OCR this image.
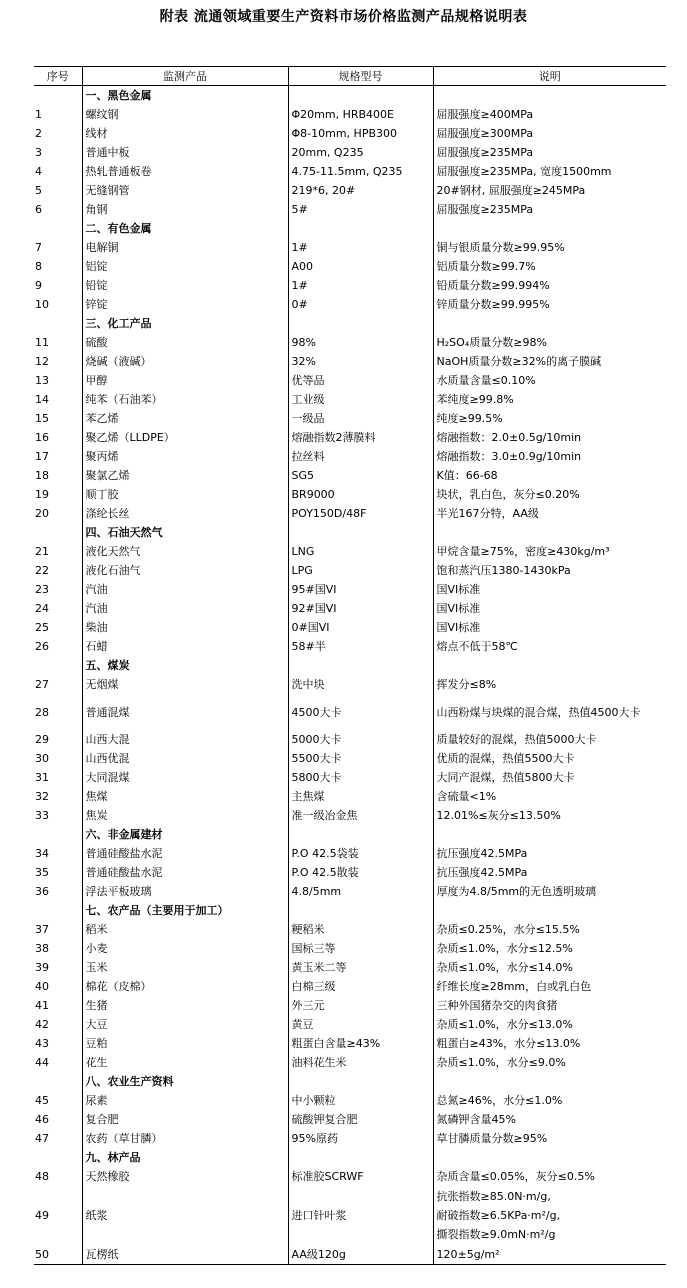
附表 流通领域重要生产资料市场价格监测产品规格说明表
序号	监测产品	规格型号	说明
	一、黑色金属		
1	螺纹钢	Φ20mm, HRB400E	屈服强度≥400MPa
2	线材	Φ8-10mm, HPB300	屈服强度≥300MPa
3	普通中板	20mm, Q235	屈服强度≥235MPa
4	热轧普通板卷	4.75-11.5mm, Q235	屈服强度≥235MPa, 宽度1500mm
5	无缝钢管	219*6, 20#	20#钢材, 屈服强度≥245MPa
6	角钢	5#	屈服强度≥235MPa
	二、有色金属		
7	电解铜	1#	铜与银质量分数≥99.95%
8	铝锭	A00	铝质量分数≥99.7%
9	铅锭	1#	铅质量分数≥99.994%
10	锌锭	0#	锌质量分数≥99.995%
	三、化工产品		
11	硫酸	98%	H₂SO₄质量分数≥98%
12	烧碱（液碱）	32%	NaOH质量分数≥32%的离子膜碱
13	甲醇	优等品	水质量含量≤0.10%
14	纯苯（石油苯）	工业级	苯纯度≥99.8%
15	苯乙烯	一级品	纯度≥99.5%
16	聚乙烯（LLDPE）	熔融指数2薄膜料	熔融指数：2.0±0.5g/10min
17	聚丙烯	拉丝料	熔融指数：3.0±0.9g/10min
18	聚氯乙烯	SG5	K值：66-68
19	顺丁胶	BR9000	块状，乳白色，灰分≤0.20%
20	涤纶长丝	POY150D/48F	半光167分特，AA级
	四、石油天然气		
21	液化天然气	LNG	甲烷含量≥75%，密度≥430kg/m³
22	液化石油气	LPG	饱和蒸汽压1380-1430kPa
23	汽油	95#国VI	国VI标准
24	汽油	92#国VI	国VI标准
25	柴油	0#国VI	国VI标准
26	石蜡	58#半	熔点不低于58℃
	五、煤炭		
27	无烟煤	洗中块	挥发分≤8%
28	普通混煤	4500大卡	山西粉煤与块煤的混合煤，热值4500大卡
29	山西大混	5000大卡	质量较好的混煤，热值5000大卡
30	山西优混	5500大卡	优质的混煤，热值5500大卡
31	大同混煤	5800大卡	大同产混煤，热值5800大卡
32	焦煤	主焦煤	含硫量<1%
33	焦炭	准一级冶金焦	12.01%≤灰分≤13.50%
	六、非金属建材		
34	普通硅酸盐水泥	P.O 42.5袋装	抗压强度42.5MPa
35	普通硅酸盐水泥	P.O 42.5散装	抗压强度42.5MPa
36	浮法平板玻璃	4.8/5mm	厚度为4.8/5mm的无色透明玻璃
	七、农产品（主要用于加工）		
37	稻米	粳稻米	杂质≤0.25%，水分≤15.5%
38	小麦	国标三等	杂质≤1.0%，水分≤12.5%
39	玉米	黄玉米二等	杂质≤1.0%，水分≤14.0%
40	棉花（皮棉）	白棉三级	纤维长度≥28mm，白或乳白色
41	生猪	外三元	三种外国猪杂交的肉食猪
42	大豆	黄豆	杂质≤1.0%，水分≤13.0%
43	豆粕	粗蛋白含量≥43%	粗蛋白≥43%，水分≤13.0%
44	花生	油料花生米	杂质≤1.0%，水分≤9.0%
	八、农业生产资料		
45	尿素	中小颗粒	总氮≥46%，水分≤1.0%
46	复合肥	硫酸钾复合肥	氮磷钾含量45%
47	农药（草甘膦）	95%原药	草甘膦质量分数≥95%
	九、林产品		
48	天然橡胶	标准胶SCRWF	杂质含量≤0.05%，灰分≤0.5%
49	纸浆	进口针叶浆	抗张指数≥85.0N·m/g,
耐破指数≥6.5KPa·m²/g,
撕裂指数≥9.0mN·m²/g
50	瓦楞纸	AA级120g	120±5g/m²
